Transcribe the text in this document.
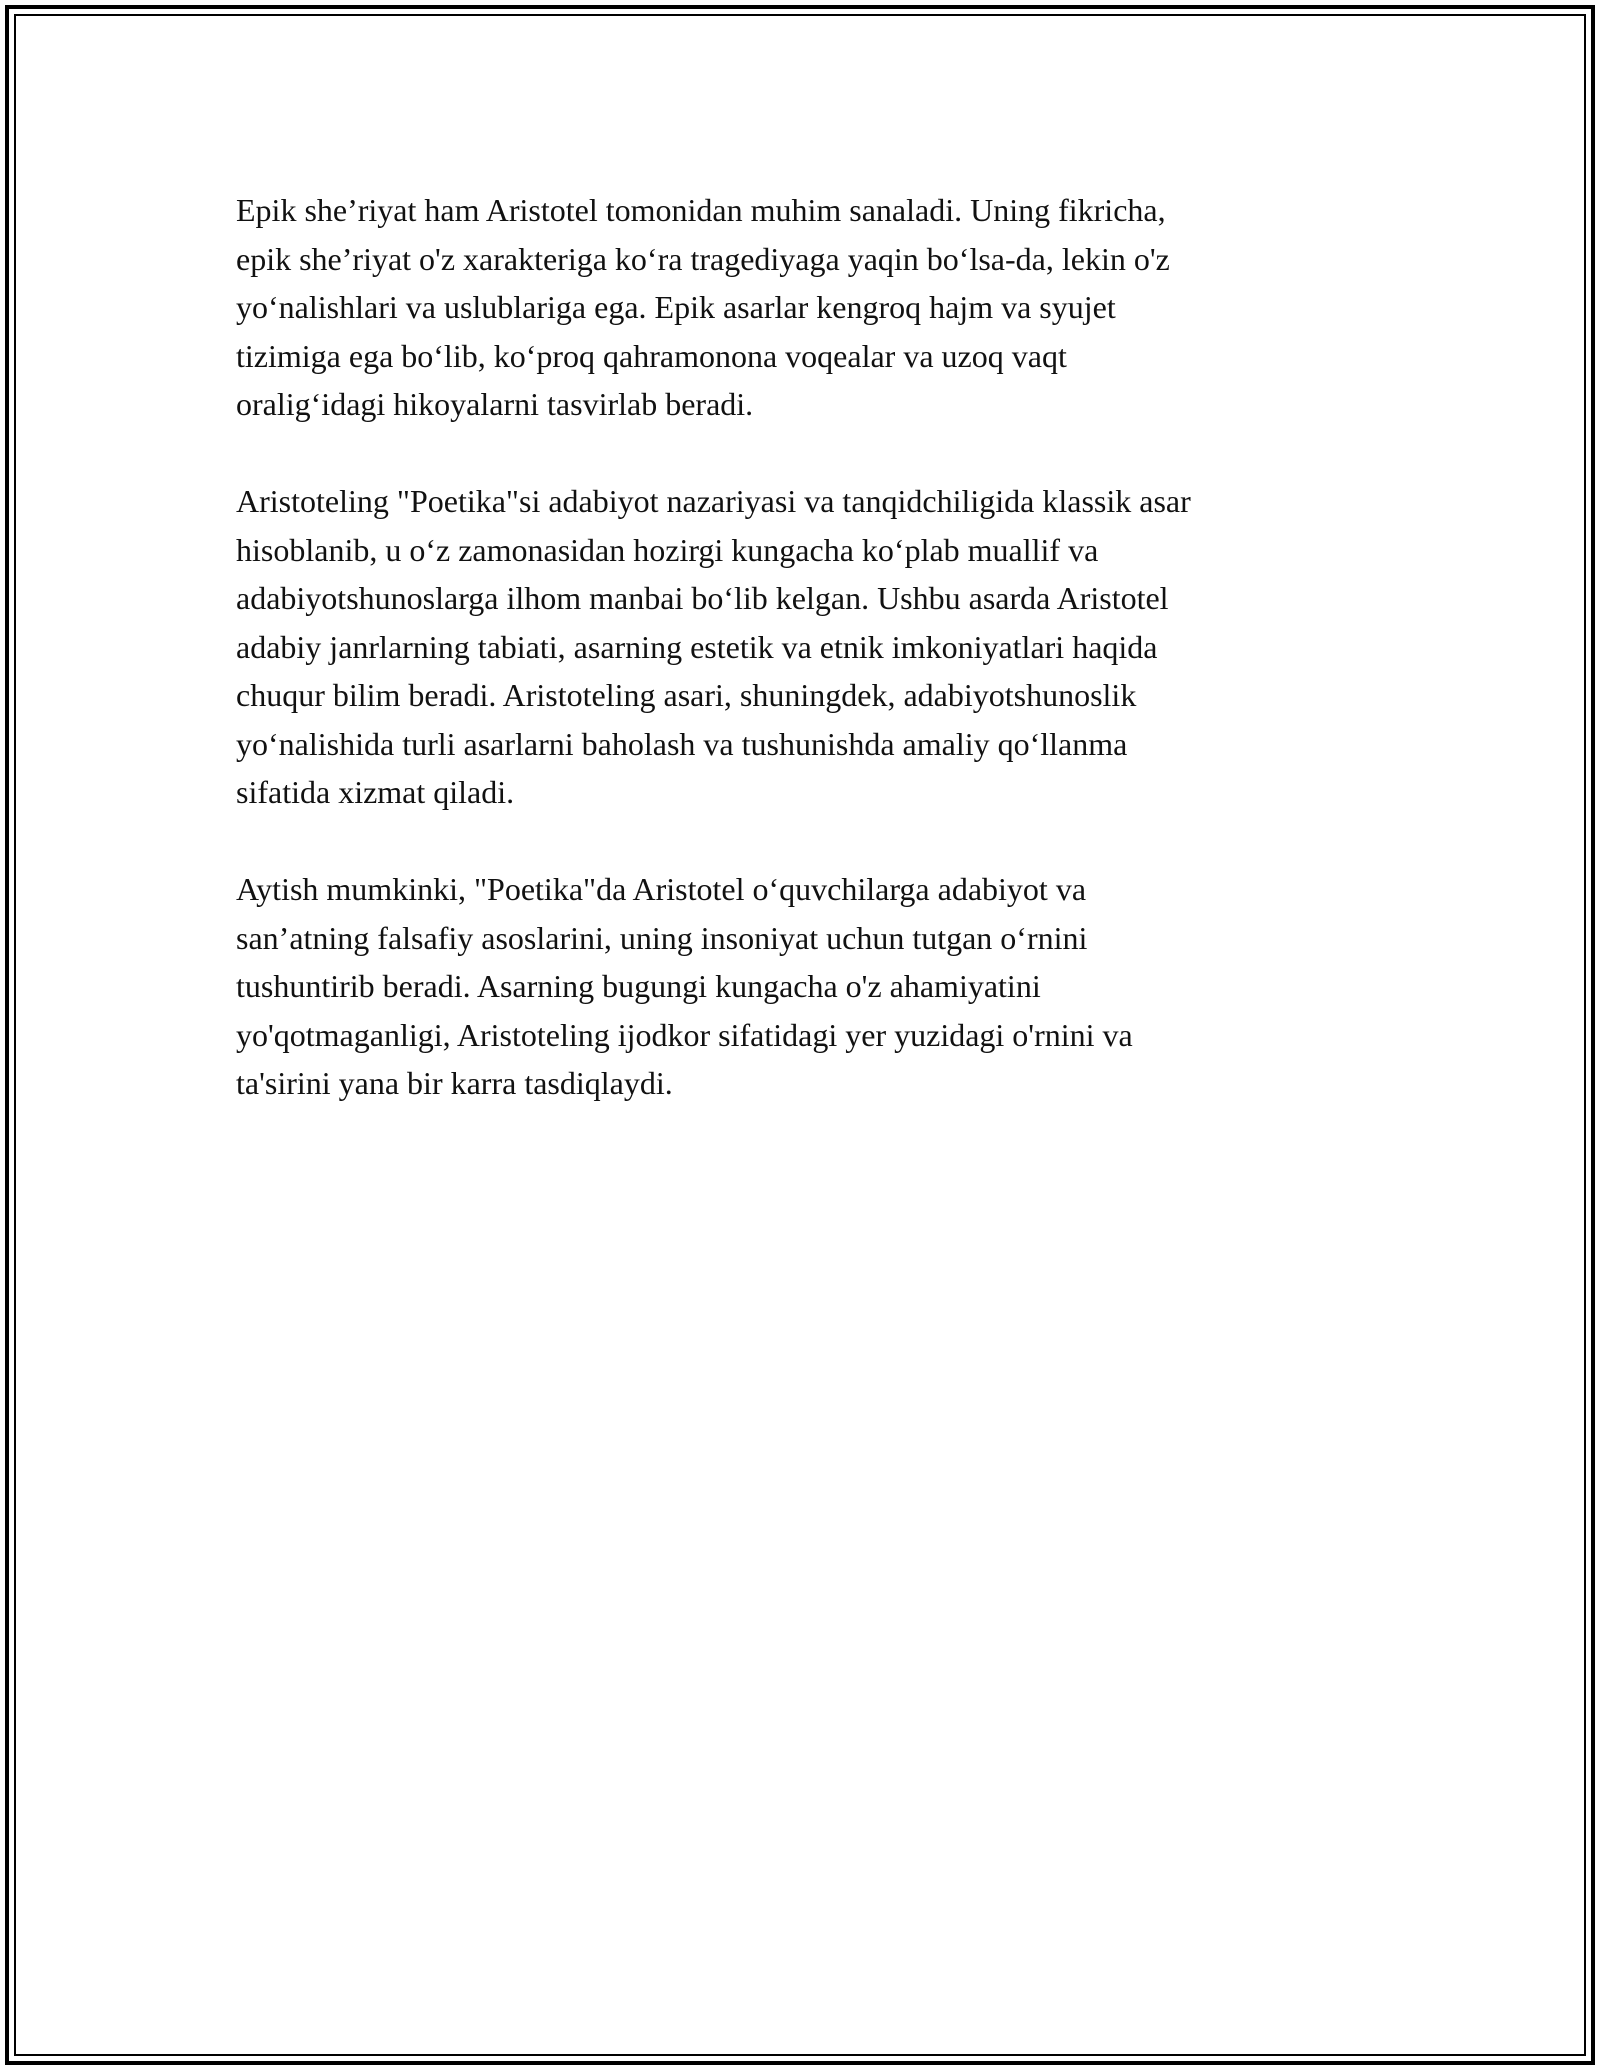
Epik she’riyat ham Aristotel tomonidan muhim sanaladi. Uning fikricha,
epik she’riyat o'z xarakteriga ko‘ra tragediyaga yaqin bo‘lsa-da, lekin o'z
yo‘nalishlari va uslublariga ega. Epik asarlar kengroq hajm va syujet
tizimiga ega bo‘lib, ko‘proq qahramonona voqealar va uzoq vaqt
oralig‘idagi hikoyalarni tasvirlab beradi.

Aristoteling "Poetika"si adabiyot nazariyasi va tanqidchiligida klassik asar
hisoblanib, u o‘z zamonasidan hozirgi kungacha ko‘plab muallif va
adabiyotshunoslarga ilhom manbai bo‘lib kelgan. Ushbu asarda Aristotel
adabiy janrlarning tabiati, asarning estetik va etnik imkoniyatlari haqida
chuqur bilim beradi. Aristoteling asari, shuningdek, adabiyotshunoslik
yo‘nalishida turli asarlarni baholash va tushunishda amaliy qo‘llanma
sifatida xizmat qiladi.

Aytish mumkinki, "Poetika"da Aristotel o‘quvchilarga adabiyot va
san’atning falsafiy asoslarini, uning insoniyat uchun tutgan o‘rnini
tushuntirib beradi. Asarning bugungi kungacha o'z ahamiyatini
yo'qotmaganligi, Aristoteling ijodkor sifatidagi yer yuzidagi o'rnini va
ta'sirini yana bir karra tasdiqlaydi.
